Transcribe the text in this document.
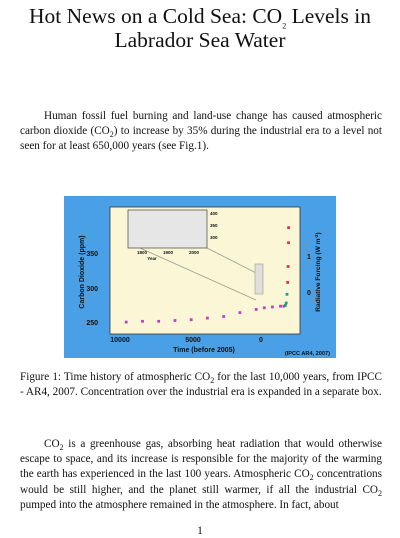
Hot News on a Cold Sea: $CO_2$ Levels in
Labrador Sea Water
Human fossil fuel burning and land-use change has caused atmospheric carbon dioxide $(CO_2)$ to increase by 35% during the industrial era to a level not seen for at least 650,000 years (see Fig.1).
350
300
250
10000	5000	0
Time (before 2005)	(IPCC AR4, 2007)
Carbon Dioxide (ppm)	Radiative Forcing (W $m^{-2}$)
1
0
400
350
300
1800	1900	2000
Year
Figure 1: Time history of atmospheric $CO_2$ for the last 10,000 years, from IPCC - AR4, 2007. Concentration over the industrial era is expanded in a separate box.
$CO_2$ is a greenhouse gas, absorbing heat radiation that would otherwise escape to space, and its increase is responsible for the majority of the warming the earth has experienced in the last 100 years. Atmospheric $CO_2$ concentrations would be still higher, and the planet still warmer, if all the industrial $CO_2$ pumped into the atmosphere remained in the atmosphere. In fact, about
1
